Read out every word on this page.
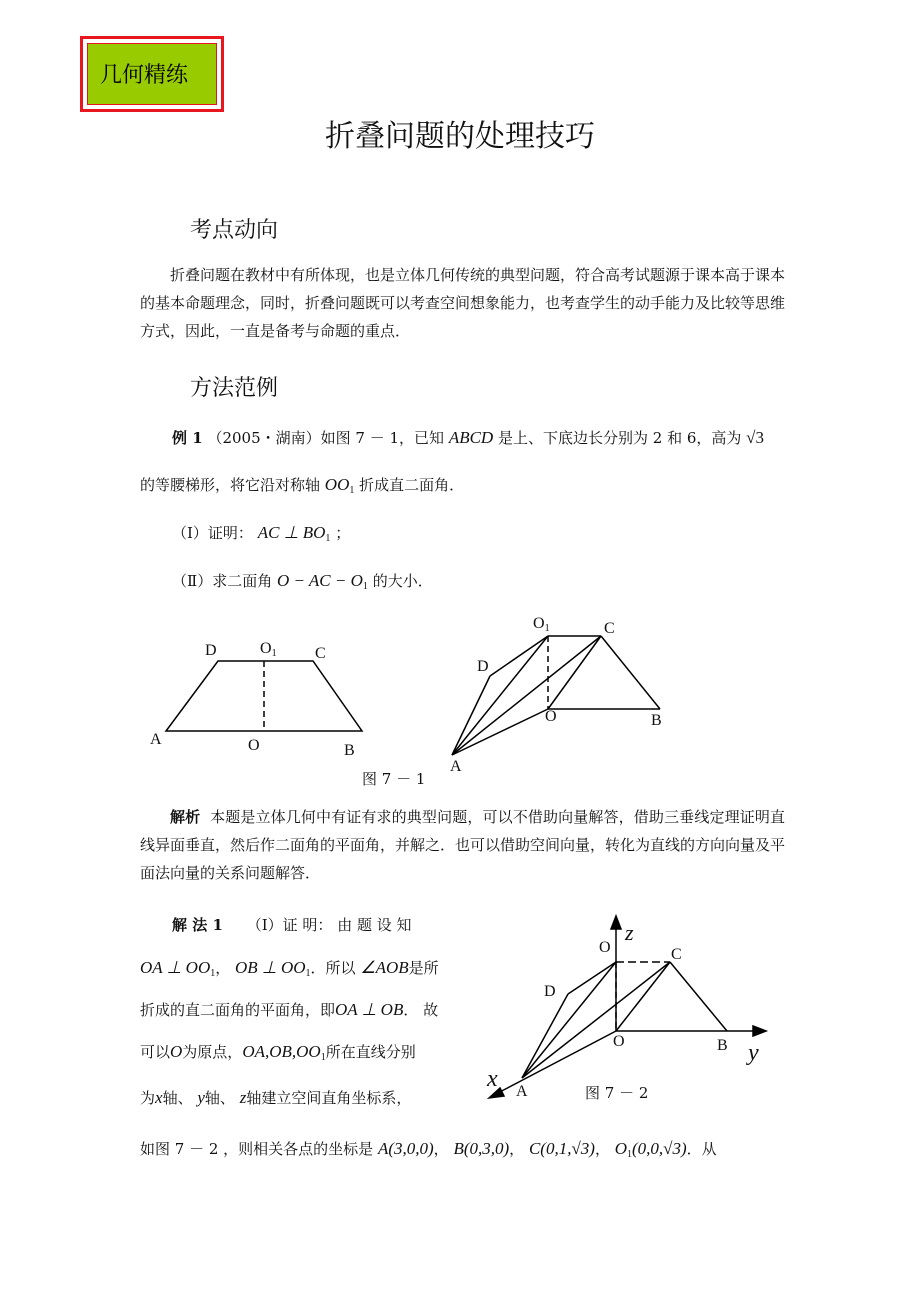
几何精练
折叠问题的处理技巧
考点动向
折叠问题在教材中有所体现，也是立体几何传统的典型问题，符合高考试题源于课本高于课本的基本命题理念，同时，折叠问题既可以考查空间想象能力，也考查学生的动手能力及比较等思维方式，因此，一直是备考与命题的重点．
方法范例
例 1 （2005・湖南）如图 7 － 1，已知 ABCD 是上、下底边长分别为 2 和 6，高为 √3
的等腰梯形，将它沿对称轴 $OO_1$ 折成直二面角．
（Ⅰ）证明： AC ⊥ $BO_1$ ；
（Ⅱ）求二面角 O − AC − $O_1$ 的大小．
D	$O_1$ C
A	O	B
$O_1$	C
D
O	B
A
图 7 － 1
解析 本题是立体几何中有证有求的典型问题，可以不借助向量解答，借助三垂线定理证明直线异面垂直，然后作二面角的平面角，并解之．也可以借助空间向量，转化为直线的方向向量及平面法向量的关系问题解答．
解 法 1 （Ⅰ）证 明： 由 题 设 知
OA ⊥ $OO_1$， OB ⊥ $OO_1$．所以 ∠AOB是所
折成的直二面角的平面角，即OA ⊥ OB． 故
可以O为原点，$OA,OB,OO_1$所在直线分别
为x轴、 y轴、 z轴建立空间直角坐标系，
如图 7 － 2 ，则相关各点的坐标是 A(3,0,0)， B(0,3,0)， C(0,1,√3)， $O_1(0,0,√3)$．从
z
O	C
D
O	B y
x A	图 7 － 2
